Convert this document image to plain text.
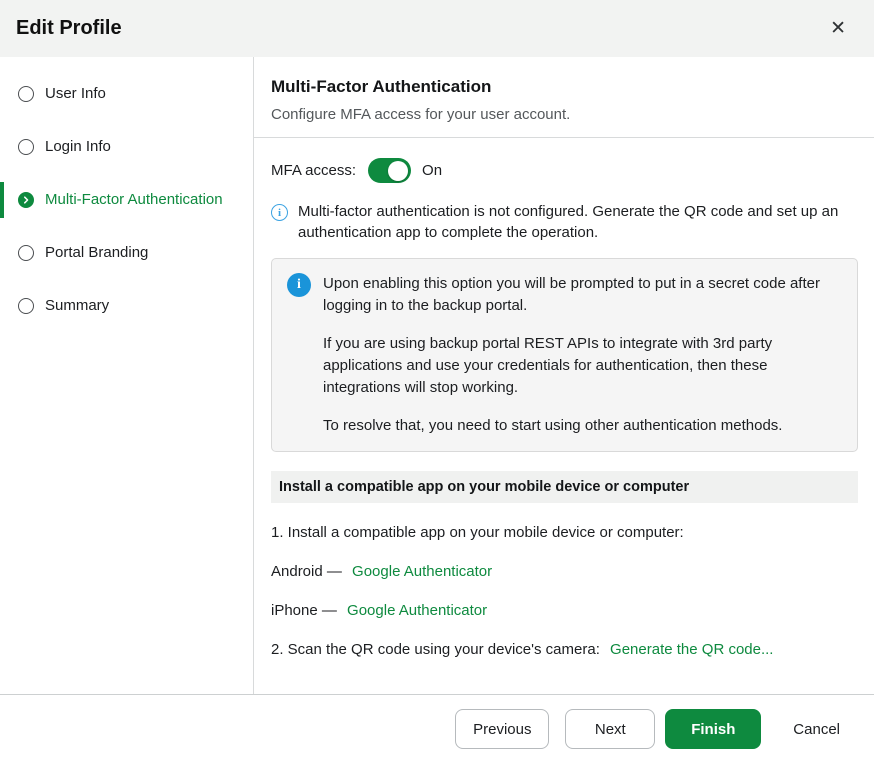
Edit Profile	✕
User Info
Login Info
Multi-Factor Authentication
Portal Branding
Summary
Multi-Factor Authentication
Configure MFA access for your user account.
MFA access:	On
i	Multi-factor authentication is not configured. Generate the QR code and set up an authentication app to complete the operation.
i	Upon enabling this option you will be prompted to put in a secret code after logging in to the backup portal.

If you are using backup portal REST APIs to integrate with 3rd party applications and use your credentials for authentication, then these integrations will stop working.

To resolve that, you need to start using other authentication methods.

Install a compatible app on your mobile device or computer
1. Install a compatible app on your mobile device or computer:
Android — Google Authenticator
iPhone — Google Authenticator
2. Scan the QR code using your device's camera: Generate the QR code...
Previous	Next	Finish	Cancel
